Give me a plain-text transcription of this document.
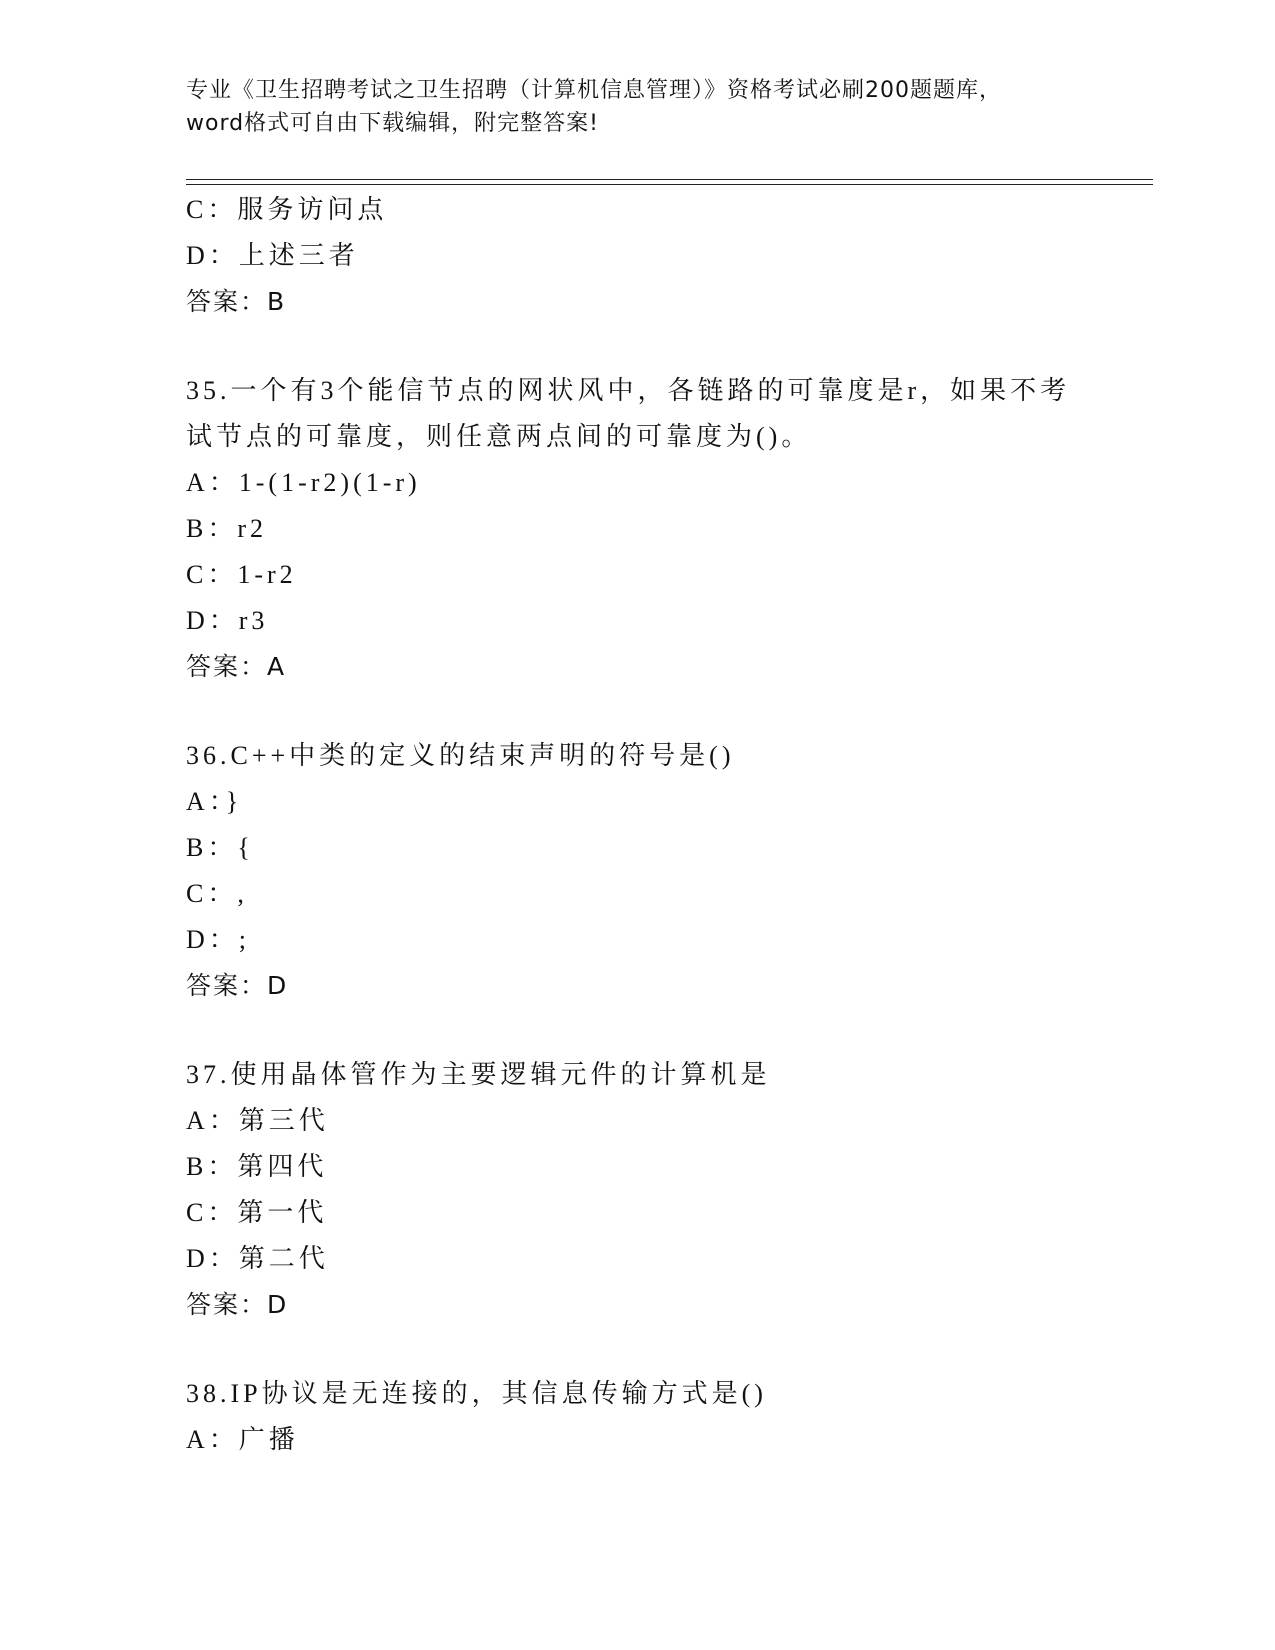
专业《卫生招聘考试之卫生招聘（计算机信息管理）》资格考试必刷200题题库，
word格式可自由下载编辑，附完整答案!
C：服务访问点
D：上述三者
答案：B
35.一个有3个能信节点的网状风中，各链路的可靠度是r，如果不考
试节点的可靠度，则任意两点间的可靠度为()。
A：1-(1-r2)(1-r)
B：r2
C：1-r2
D：r3
答案：A
36.C++中类的定义的结束声明的符号是()
A：}
B：{
C：,
D：;
答案：D
37.使用晶体管作为主要逻辑元件的计算机是
A：第三代
B：第四代
C：第一代
D：第二代
答案：D
38.IP协议是无连接的，其信息传输方式是()
A：广播
